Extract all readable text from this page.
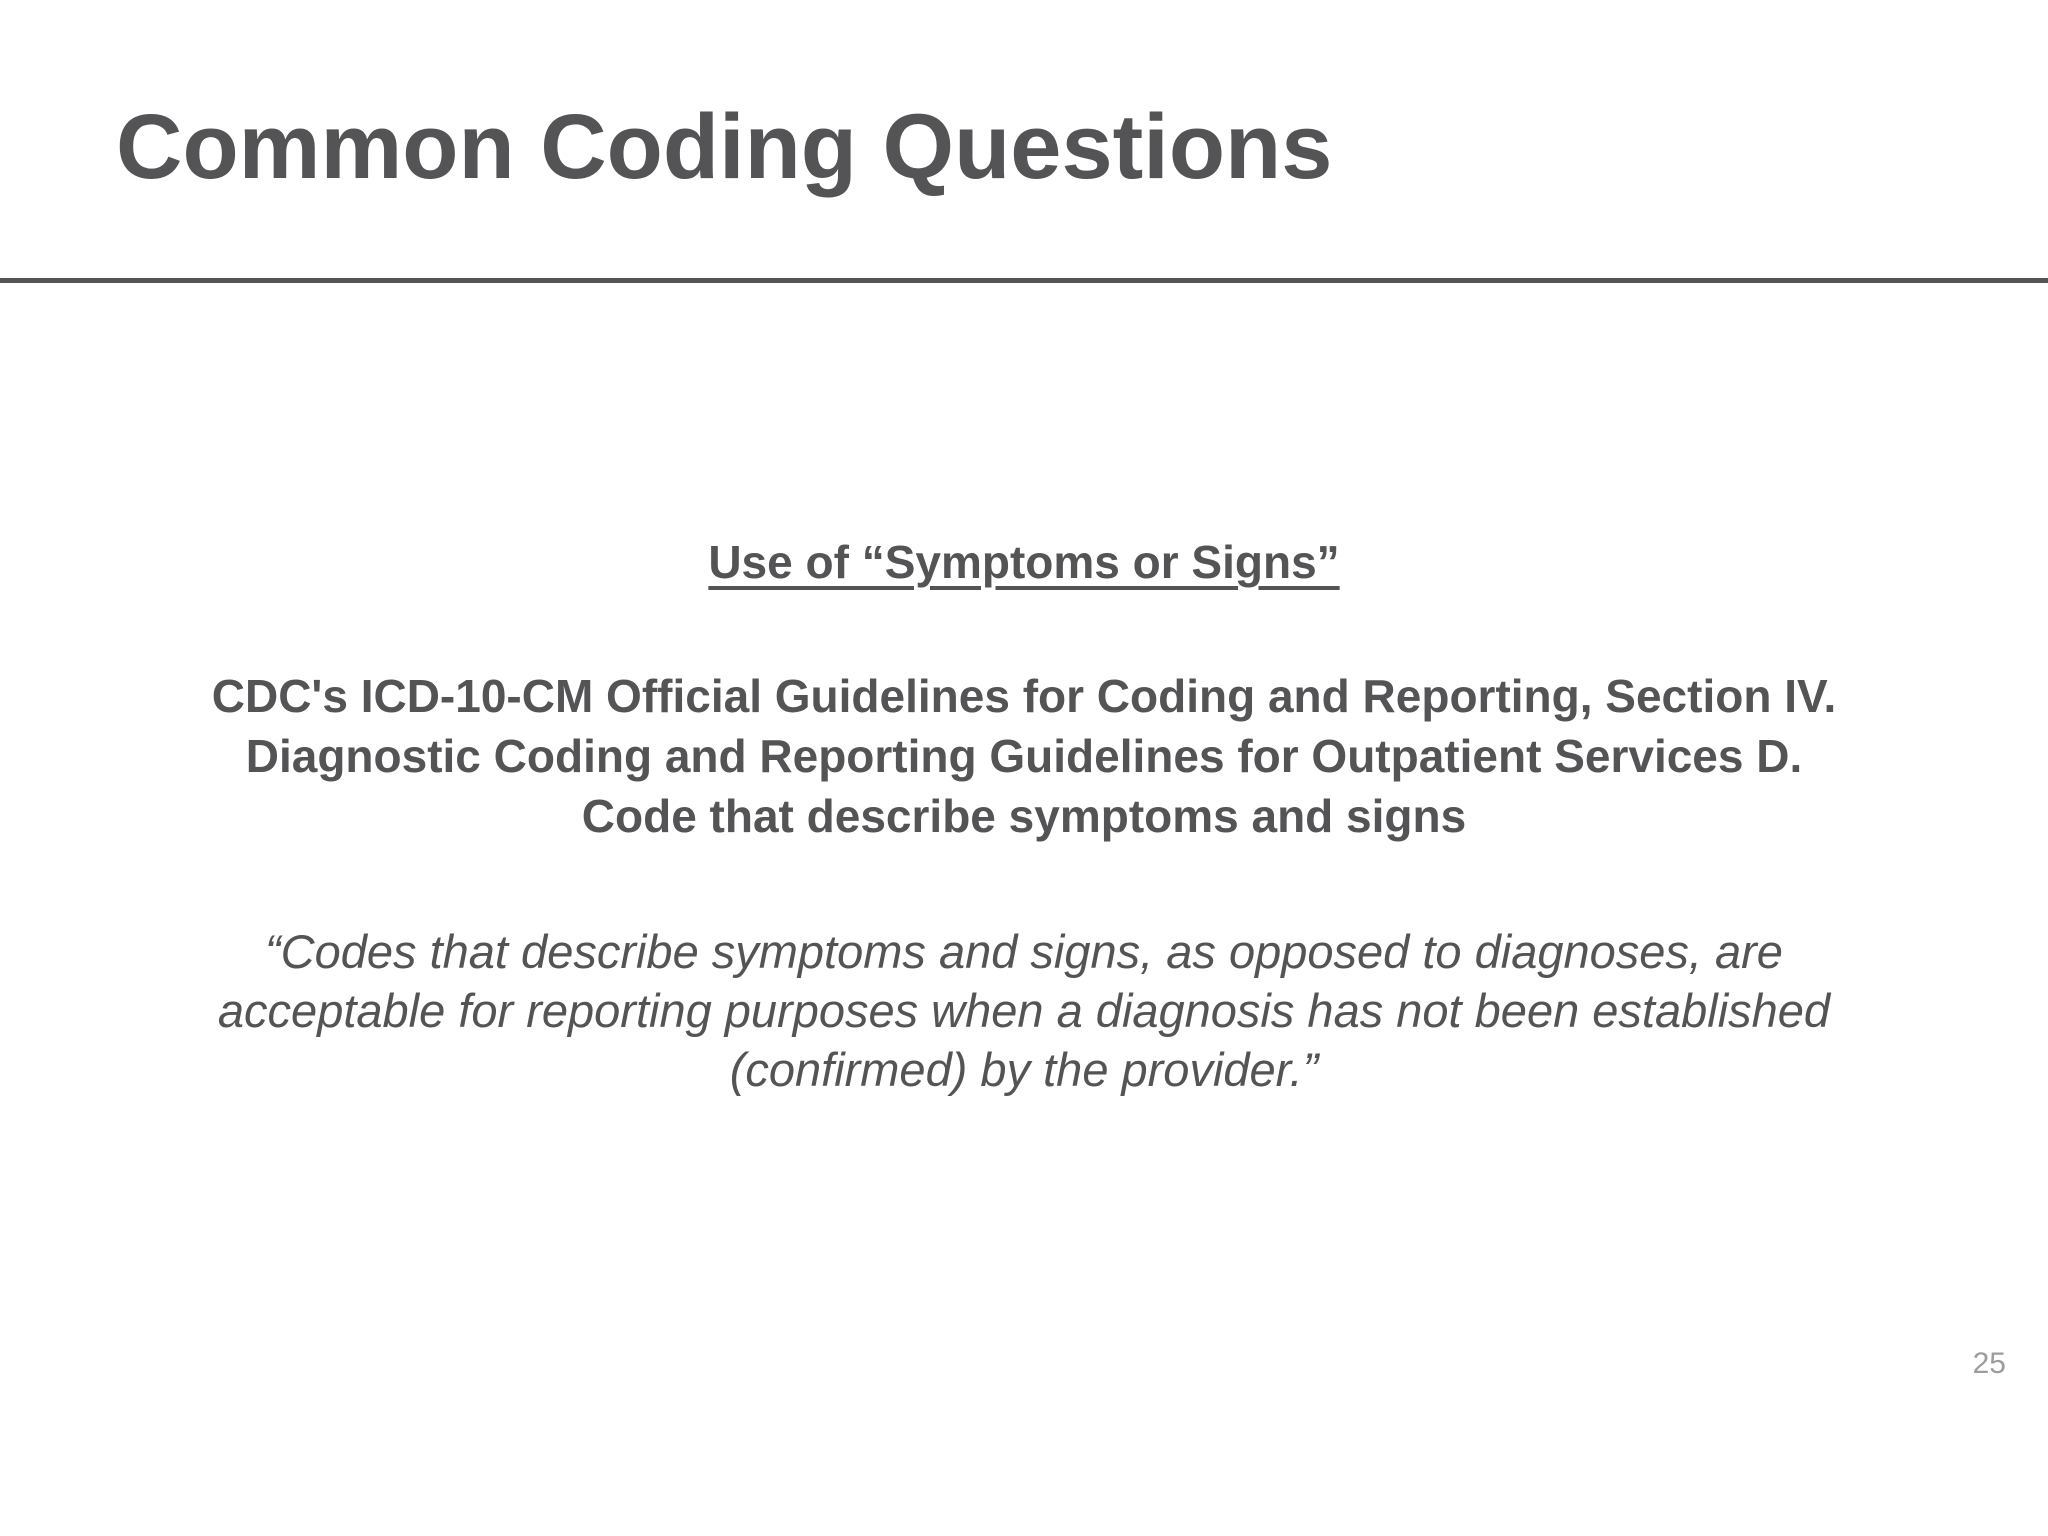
Common Coding Questions

Use of “Symptoms or Signs”

CDC's ICD-10-CM Official Guidelines for Coding and Reporting, Section IV.
Diagnostic Coding and Reporting Guidelines for Outpatient Services D.
Code that describe symptoms and signs

“Codes that describe symptoms and signs, as opposed to diagnoses, are
acceptable for reporting purposes when a diagnosis has not been established
(confirmed) by the provider.”

25
